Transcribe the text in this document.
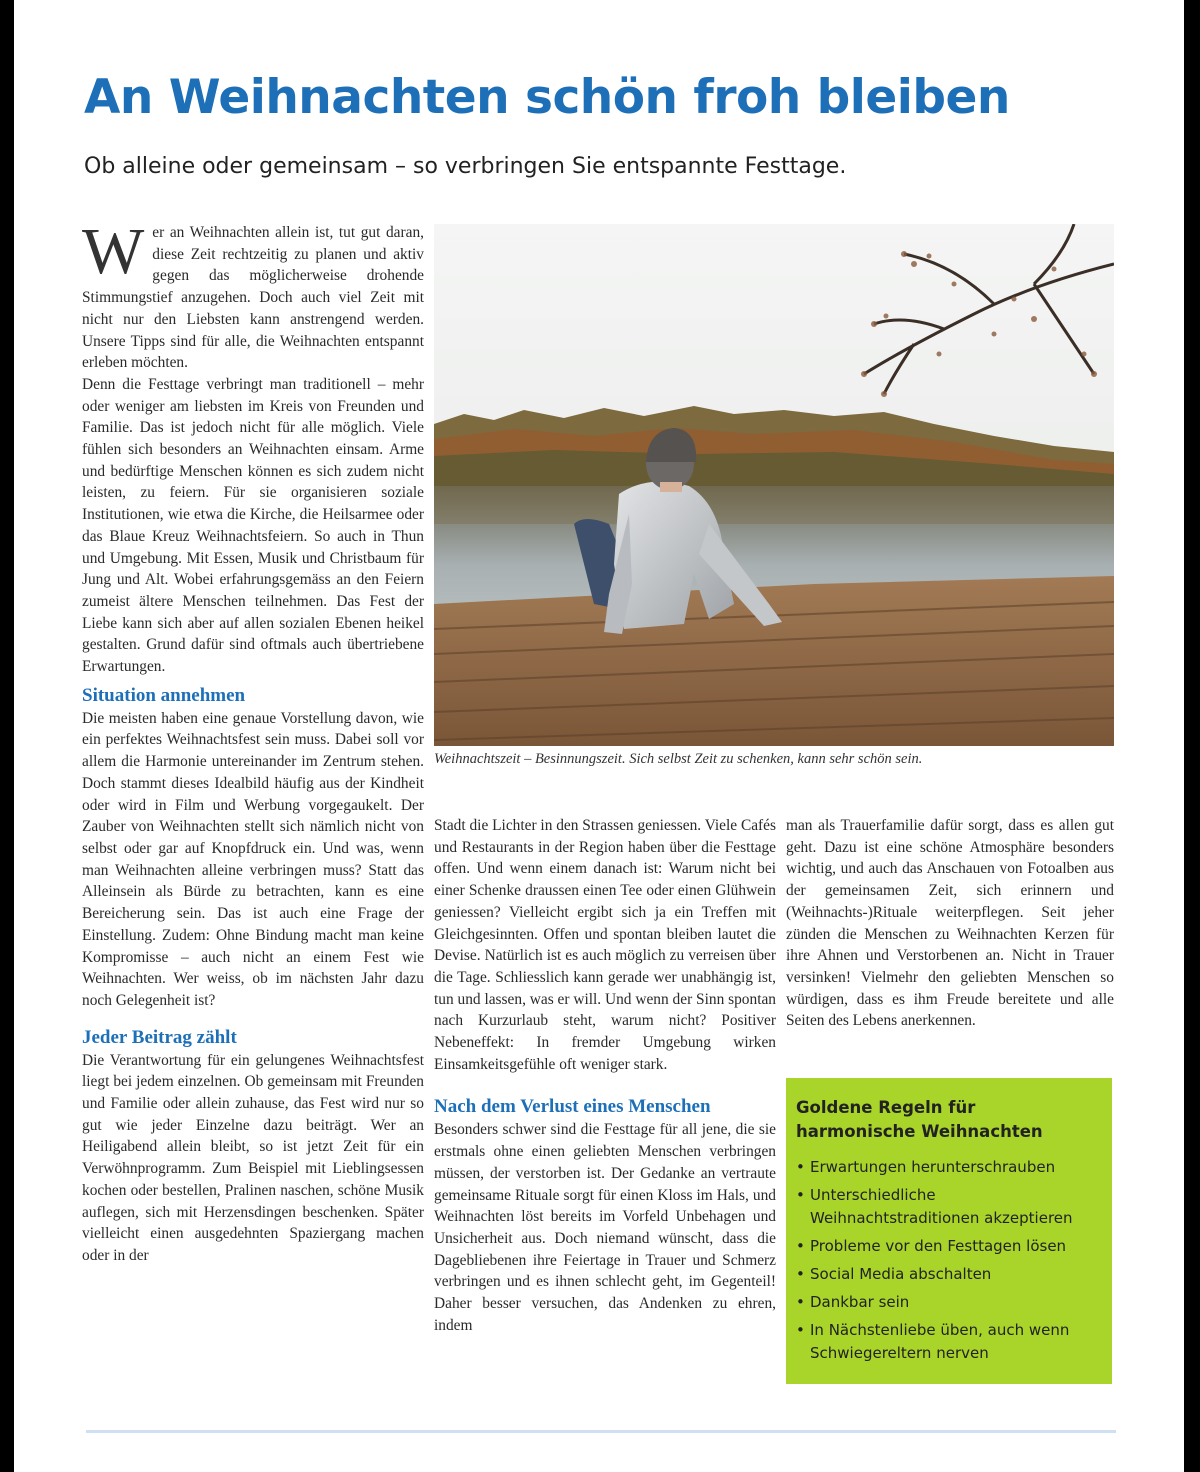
An Weihnachten schön froh bleiben
Ob alleine oder gemeinsam – so verbringen Sie entspannte Festtage.

Wer an Weihnachten allein ist, tut gut daran, diese Zeit rechtzeitig zu planen und aktiv gegen das möglicherweise drohende Stimmungstief anzugehen. Doch auch viel Zeit mit nicht nur den Liebsten kann anstrengend werden. Unsere Tipps sind für alle, die Weihnachten entspannt erleben möchten.

Denn die Festtage verbringt man traditionell – mehr oder weniger am liebsten im Kreis von Freunden und Familie. Das ist jedoch nicht für alle möglich. Viele fühlen sich besonders an Weihnachten einsam. Arme und bedürftige Menschen können es sich zudem nicht leisten, zu feiern. Für sie organisieren soziale Institutionen, wie etwa die Kirche, die Heilsarmee oder das Blaue Kreuz Weihnachtsfeiern. So auch in Thun und Umgebung. Mit Essen, Musik und Christbaum für Jung und Alt. Wobei erfahrungsgemäss an den Feiern zumeist ältere Menschen teilnehmen. Das Fest der Liebe kann sich aber auf allen sozialen Ebenen heikel gestalten. Grund dafür sind oftmals auch übertriebene Erwartungen.

Situation annehmen

Die meisten haben eine genaue Vorstellung davon, wie ein perfektes Weihnachtsfest sein muss. Dabei soll vor allem die Harmonie untereinander im Zentrum stehen. Doch stammt dieses Idealbild häufig aus der Kindheit oder wird in Film und Werbung vorgegaukelt. Der Zauber von Weihnachten stellt sich nämlich nicht von selbst oder gar auf Knopfdruck ein. Und was, wenn man Weihnachten alleine verbringen muss? Statt das Alleinsein als Bürde zu betrachten, kann es eine Bereicherung sein. Das ist auch eine Frage der Einstellung. Zudem: Ohne Bindung macht man keine Kompromisse – auch nicht an einem Fest wie Weihnachten. Wer weiss, ob im nächsten Jahr dazu noch Gelegenheit ist?

Jeder Beitrag zählt

Die Verantwortung für ein gelungenes Weihnachtsfest liegt bei jedem einzelnen. Ob gemeinsam mit Freunden und Familie oder allein zuhause, das Fest wird nur so gut wie jeder Einzelne dazu beiträgt. Wer an Heiligabend allein bleibt, so ist jetzt Zeit für ein Verwöhnprogramm. Zum Beispiel mit Lieblingsessen kochen oder bestellen, Pralinen naschen, schöne Musik auflegen, sich mit Herzensdingen beschenken. Später vielleicht einen ausgedehnten Spaziergang machen oder in der

Weihnachtszeit – Besinnungszeit. Sich selbst Zeit zu schenken, kann sehr schön sein.

Stadt die Lichter in den Strassen geniessen. Viele Cafés und Restaurants in der Region haben über die Festtage offen. Und wenn einem danach ist: Warum nicht bei einer Schenke draussen einen Tee oder einen Glühwein geniessen? Vielleicht ergibt sich ja ein Treffen mit Gleichgesinnten. Offen und spontan bleiben lautet die Devise. Natürlich ist es auch möglich zu verreisen über die Tage. Schliesslich kann gerade wer unabhängig ist, tun und lassen, was er will. Und wenn der Sinn spontan nach Kurzurlaub steht, warum nicht? Positiver Nebeneffekt: In fremder Umgebung wirken Einsamkeitsgefühle oft weniger stark.

Nach dem Verlust eines Menschen

Besonders schwer sind die Festtage für all jene, die sie erstmals ohne einen geliebten Menschen verbringen müssen, der verstorben ist. Der Gedanke an vertraute gemeinsame Rituale sorgt für einen Kloss im Hals, und Weihnachten löst bereits im Vorfeld Unbehagen und Unsicherheit aus. Doch niemand wünscht, dass die Dagebliebenen ihre Feiertage in Trauer und Schmerz verbringen und es ihnen schlecht geht, im Gegenteil! Daher besser versuchen, das Andenken zu ehren, indem

man als Trauerfamilie dafür sorgt, dass es allen gut geht. Dazu ist eine schöne Atmosphäre besonders wichtig, und auch das Anschauen von Fotoalben aus der gemeinsamen Zeit, sich erinnern und (Weihnachts-)Rituale weiterpflegen. Seit jeher zünden die Menschen zu Weihnachten Kerzen für ihre Ahnen und Verstorbenen an. Nicht in Trauer versinken! Vielmehr den geliebten Menschen so würdigen, dass es ihm Freude bereitete und alle Seiten des Lebens anerkennen.

Goldene Regeln für harmonische Weihnachten
• Erwartungen herunterschrauben
• Unterschiedliche Weihnachtstraditionen akzeptieren
• Probleme vor den Festtagen lösen
• Social Media abschalten
• Dankbar sein
• In Nächstenliebe üben, auch wenn Schwiegereltern nerven
